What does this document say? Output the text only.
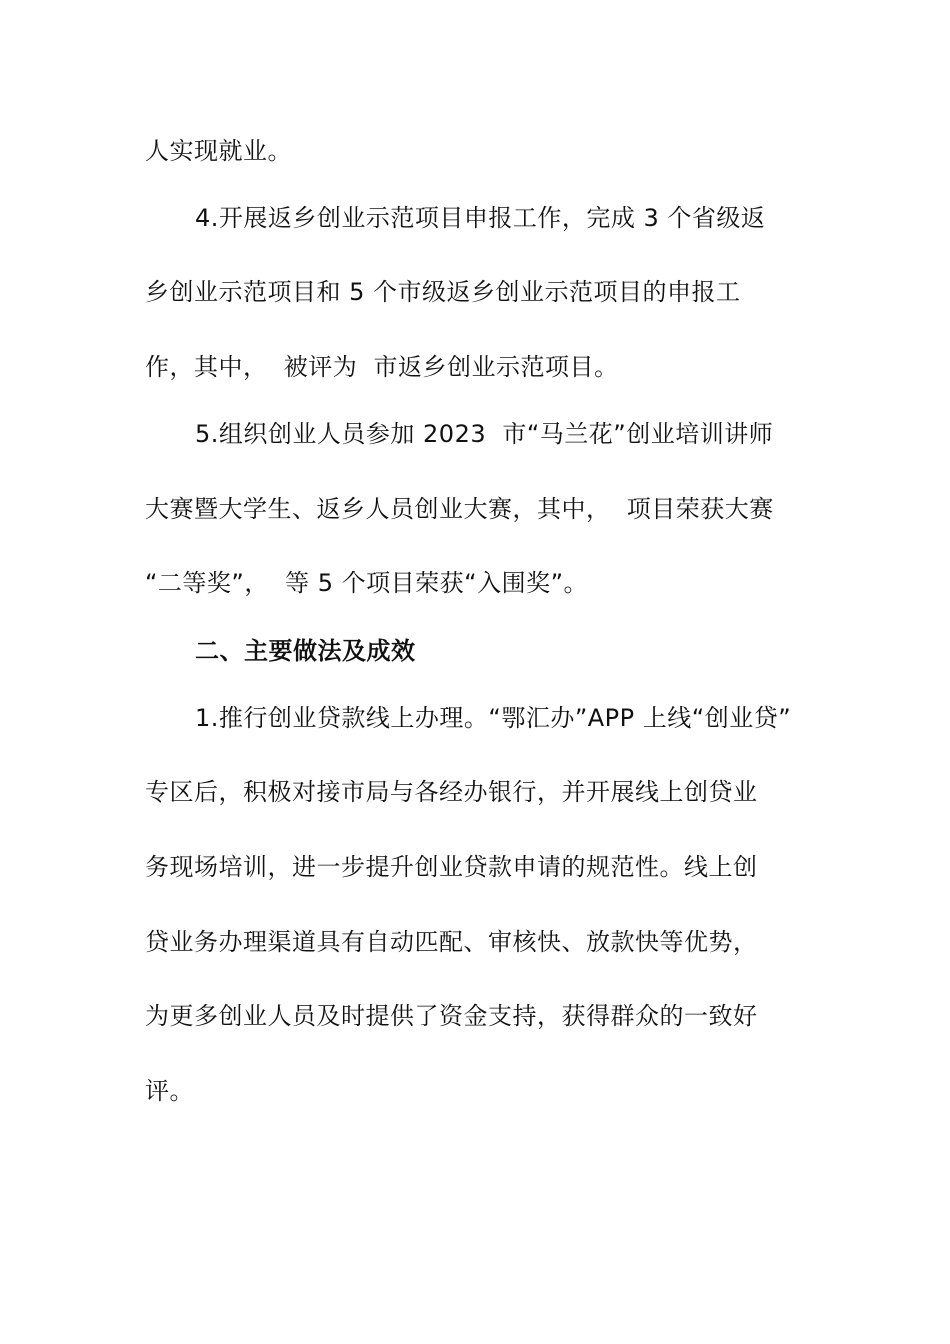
人实现就业。
4.开展返乡创业示范项目申报工作，完成 3 个省级返
乡创业示范项目和 5 个市级返乡创业示范项目的申报工
作，其中，  被评为  市返乡创业示范项目。
5.组织创业人员参加 2023  市“马兰花”创业培训讲师
大赛暨大学生、返乡人员创业大赛，其中，  项目荣获大赛
“二等奖”，  等 5 个项目荣获“入围奖”。
二、主要做法及成效
1.推行创业贷款线上办理。“鄂汇办”APP 上线“创业贷”
专区后，积极对接市局与各经办银行，并开展线上创贷业
务现场培训，进一步提升创业贷款申请的规范性。线上创
贷业务办理渠道具有自动匹配、审核快、放款快等优势，
为更多创业人员及时提供了资金支持，获得群众的一致好
评。
